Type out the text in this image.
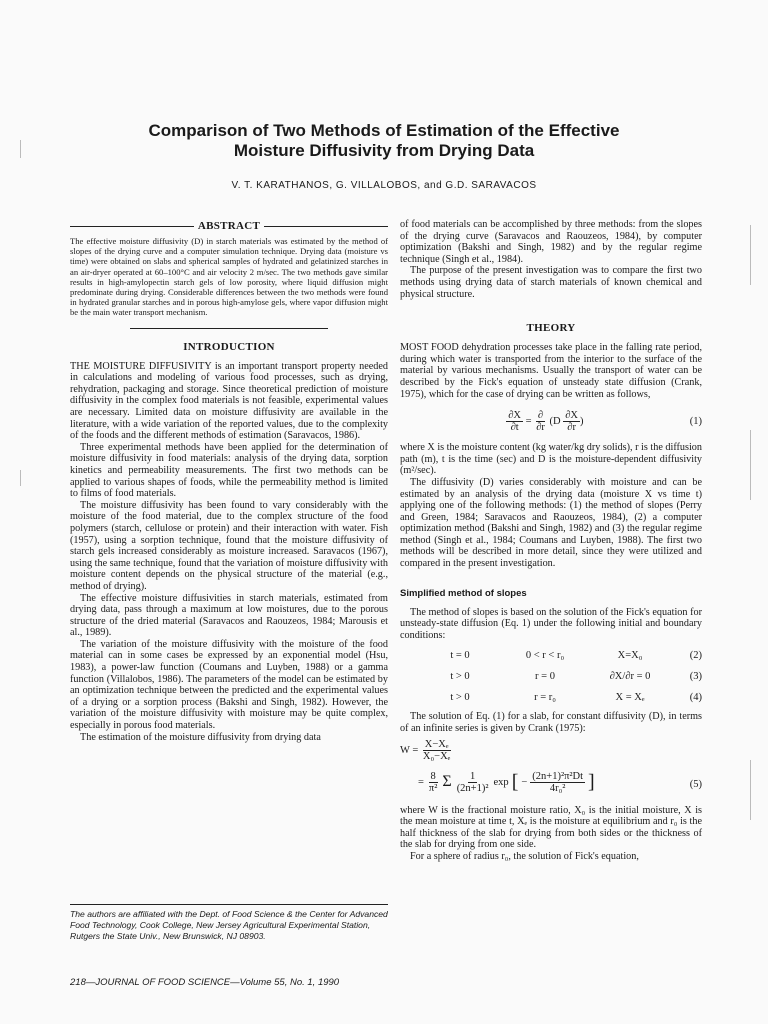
Comparison of Two Methods of Estimation of the Effective
Moisture Diffusivity from Drying Data
V. T. KARATHANOS, G. VILLALOBOS, and G.D. SARAVACOS
ABSTRACT
The effective moisture diffusivity (D) in starch materials was estimated by the method of slopes of the drying curve and a computer simulation technique. Drying data (moisture vs time) were obtained on slabs and spherical samples of hydrated and gelatinized starches in an air-dryer operated at 60–100°C and air velocity 2 m/sec. The two methods gave similar results in high-amylopectin starch gels of low porosity, where liquid diffusion might predominate during drying. Considerable differences between the two methods were found in hydrated granular starches and in porous high-amylose gels, where vapor diffusion might be the main water transport mechanism.
INTRODUCTION

THE MOISTURE DIFFUSIVITY is an important transport property needed in calculations and modeling of various food processes, such as drying, rehydration, packaging and storage. Since theoretical prediction of moisture diffusivity in the complex food materials is not feasible, experimental values are necessary. Limited data on moisture diffusivity are available in the literature, with a wide variation of the reported values, due to the complexity of the foods and the different methods of estimation (Saravacos, 1986).

Three experimental methods have been applied for the determination of moisture diffusivity in food materials: analysis of the drying data, sorption kinetics and permeability measurements. The first two methods can be applied to various shapes of foods, while the permeability method is limited to films of food materials.

The moisture diffusivity has been found to vary considerably with the moisture of the food material, due to the complex structure of the food polymers (starch, cellulose or protein) and their interaction with water. Fish (1957), using a sorption technique, found that the moisture diffusivity of starch gels increased considerably as moisture increased. Saravacos (1967), using the same technique, found that the variation of moisture diffusivity with moisture content depends on the physical structure of the material (e.g., method of drying).

The effective moisture diffusivities in starch materials, estimated from drying data, pass through a maximum at low moistures, due to the porous structure of the dried material (Saravacos and Raouzeos, 1984; Marousis et al., 1989).

The variation of the moisture diffusivity with the moisture of the food material can in some cases be expressed by an exponential model (Hsu, 1983), a power-law function (Coumans and Luyben, 1988) or a gamma function (Villalobos, 1986). The parameters of the model can be estimated by an optimization technique between the predicted and the experimental values of a drying or a sorption process (Bakshi and Singh, 1982). However, the variation of the moisture diffusivity with moisture may be quite complex, especially in porous food materials.

The estimation of the moisture diffusivity from drying data

The authors are affiliated with the Dept. of Food Science & the Center for Advanced Food Technology, Cook College, New Jersey Agricultural Experimental Station, Rutgers the State Univ., New Brunswick, NJ 08903.
218—JOURNAL OF FOOD SCIENCE—Volume 55, No. 1, 1990

of food materials can be accomplished by three methods: from the slopes of the drying curve (Saravacos and Raouzeos, 1984), by computer optimization (Bakshi and Singh, 1982) and by the regular regime technique (Singh et al., 1984).

The purpose of the present investigation was to compare the first two methods using drying data of starch materials of known chemical and physical structure.

THEORY

MOST FOOD dehydration processes take place in the falling rate period, during which water is transported from the interior to the surface of the material by various mechanisms. Usually the transport of water can be described by the Fick's equation of unsteady state diffusion (Crank, 1975), which for the case of drying can be written as follows,

$\frac{\partial X}{\partial t} = \frac{\partial}{\partial r} (D \frac{\partial X}{\partial r}$ )	(1)

where X is the moisture content (kg water/kg dry solids), r is the diffusion path (m), t is the time (sec) and D is the moisture-dependent diffusivity (m²/sec).

The diffusivity (D) varies considerably with moisture and can be estimated by an analysis of the drying data (moisture X vs time t) applying one of the following methods: (1) the method of slopes (Perry and Green, 1984; Saravacos and Raouzeos, 1984), (2) a computer optimization method (Bakshi and Singh, 1982) and (3) the regular regime method (Singh et al., 1984; Coumans and Luyben, 1988). The first two methods will be described in more detail, since they were utilized and compared in the present investigation.

Simplified method of slopes

The method of slopes is based on the solution of the Fick's equation for unsteady-state diffusion (Eq. 1) under the following initial and boundary conditions:

t = 0	0 < r < r₀	X=X₀	(2)
t > 0	r = 0	∂X/∂r = 0	(3)
t > 0	r = r₀	X = Xₑ	(4)

The solution of Eq. (1) for a slab, for constant diffusivity (D), in terms of an infinite series is given by Crank (1975):

$W = \frac{\text{X−Xₑ}}{\text{X₀−Xₑ}}$
= $\frac{8}{\text{π²}}$ Σ $\frac{1}{\text{(2n+1)²}}$ exp [ − $\frac{\text{(2n+1)²π²Dt}}{\text{4r₀²}}$ ]	(5)

where W is the fractional moisture ratio, X₀ is the initial moisture, X is the mean moisture at time t, Xₑ is the moisture at equilibrium and r₀ is the half thickness of the slab for drying from both sides or the thickness of the slab for drying from one side.

For a sphere of radius r₀, the solution of Fick's equation,
